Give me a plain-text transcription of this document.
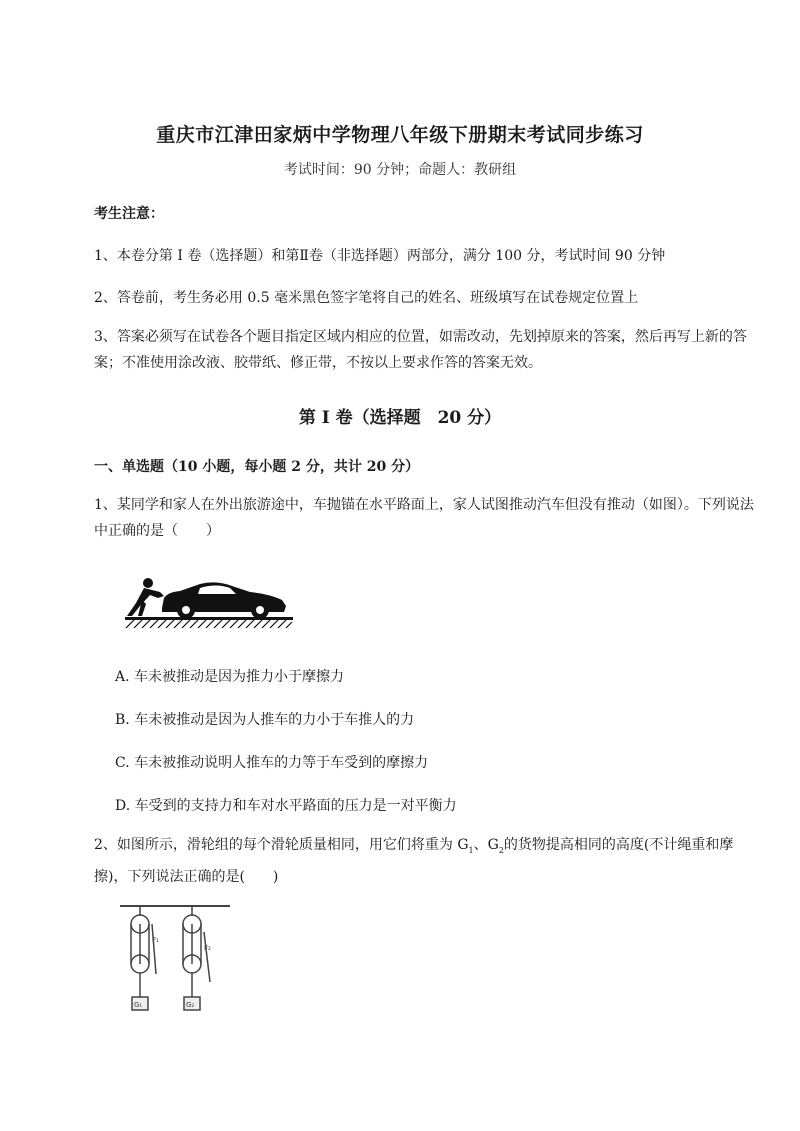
重庆市江津田家炳中学物理八年级下册期末考试同步练习
考试时间：90 分钟；命题人：教研组
考生注意：
1、本卷分第 I 卷（选择题）和第Ⅱ卷（非选择题）两部分，满分 100 分，考试时间 90 分钟
2、答卷前，考生务必用 0.5 毫米黑色签字笔将自己的姓名、班级填写在试卷规定位置上
3、答案必须写在试卷各个题目指定区域内相应的位置，如需改动，先划掉原来的答案，然后再写上新的答案；不准使用涂改液、胶带纸、修正带，不按以上要求作答的答案无效。
第 I 卷（选择题　20 分）
一、单选题（10 小题，每小题 2 分，共计 20 分）
1、某同学和家人在外出旅游途中，车抛锚在水平路面上，家人试图推动汽车但没有推动（如图）。下列说法中正确的是（　　）
A. 车未被推动是因为推力小于摩擦力
B. 车未被推动是因为人推车的力小于车推人的力
C. 车未被推动说明人推车的力等于车受到的摩擦力
D. 车受到的支持力和车对水平路面的压力是一对平衡力
2、如图所示，滑轮组的每个滑轮质量相同，用它们将重为 $G_1$、$G_2$的货物提高相同的高度(不计绳重和摩擦)，下列说法正确的是(　　)
F₁
F₂
G₁	G₂
